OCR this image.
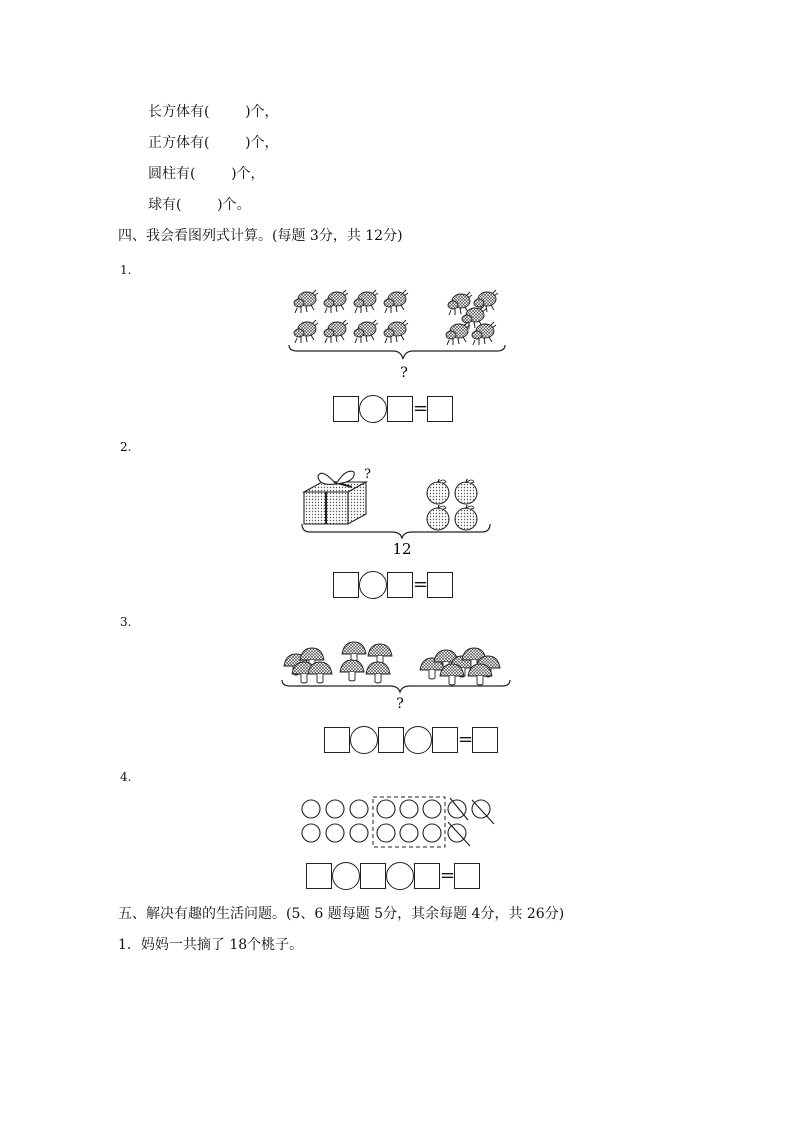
长方体有(        )个，
正方体有(        )个，
圆柱有(        )个，
球有(        )个。
四、我会看图列式计算。(每题 3分，共 12分)
1.
?
=
2.
?
12
=
3.
?
=
4.
=
五、解决有趣的生活问题。(5、6 题每题 5分，其余每题 4分，共 26分)
1．妈妈一共摘了 18个桃子。
